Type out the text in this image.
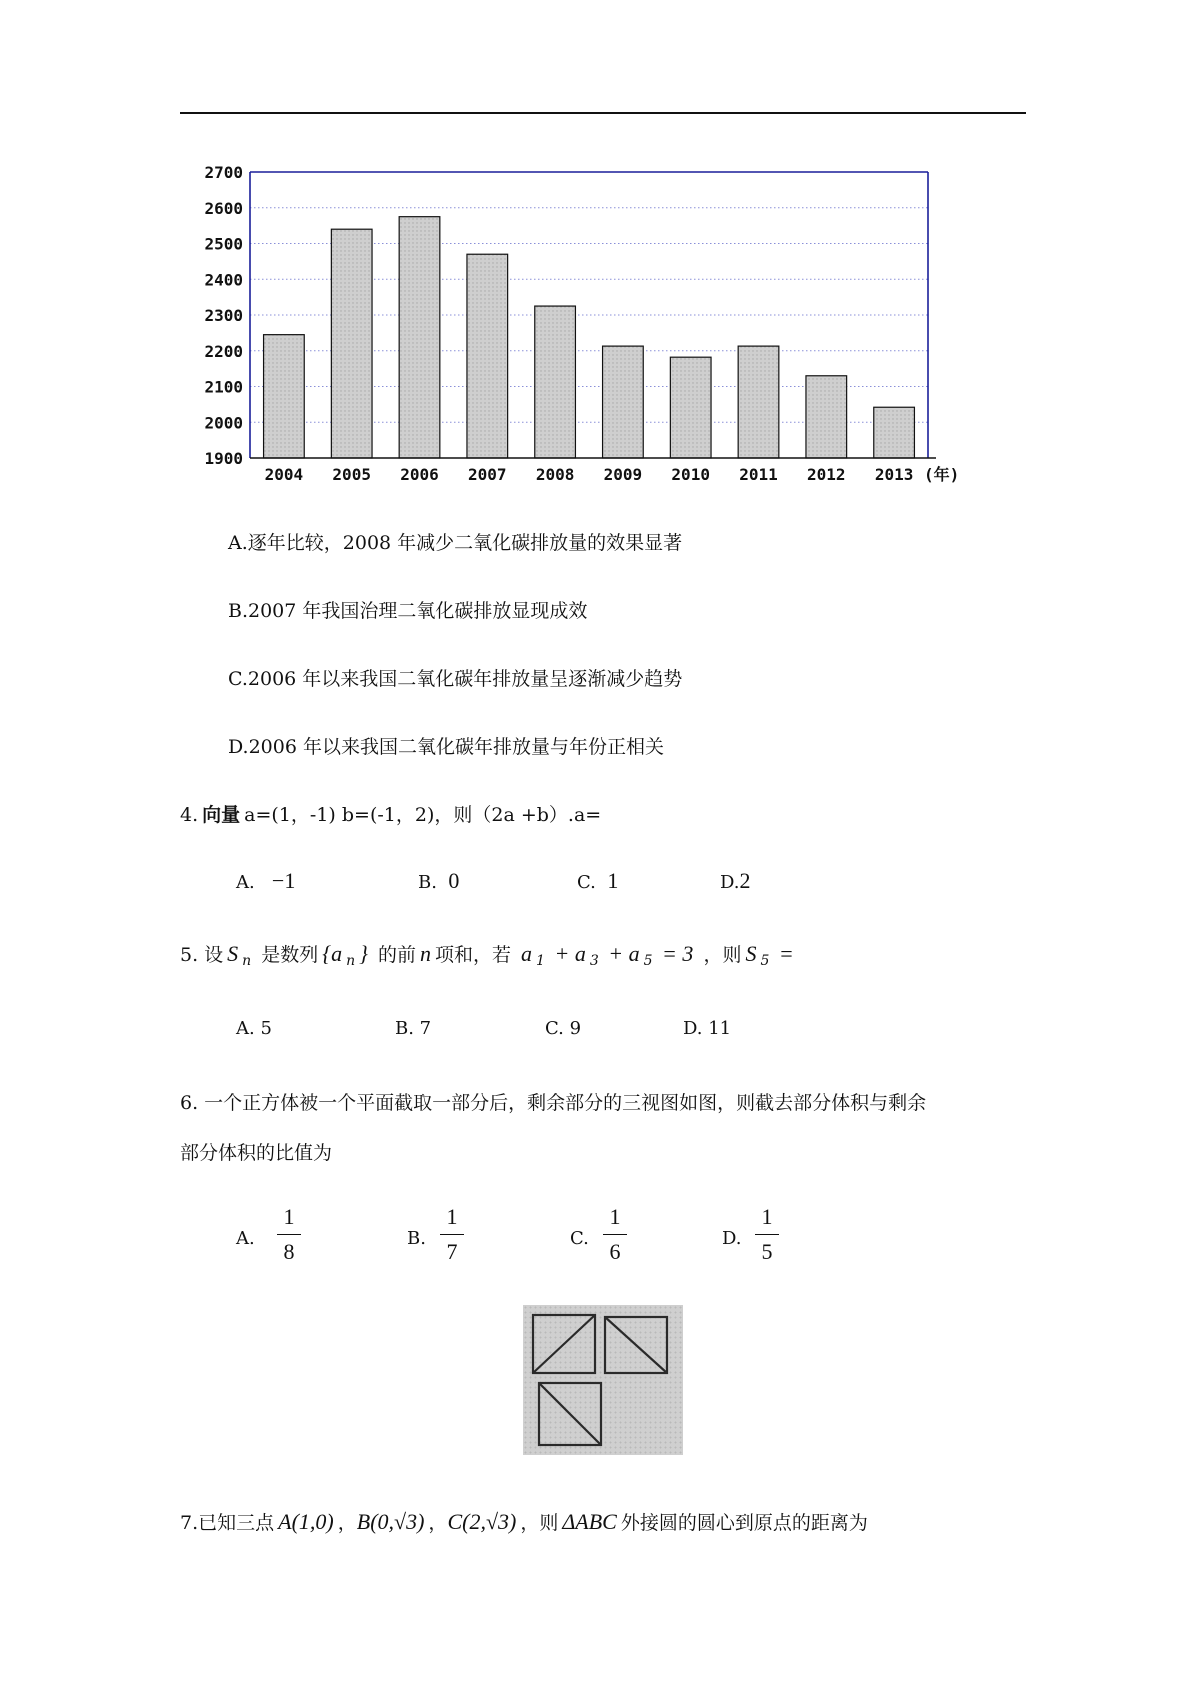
1900
2000
2100
2200
2300
2400
2500
2600
2700
2004 2005 2006 2007 2008 2009 2010 2011 2012 2013 (年)
A.逐年比较，2008 年减少二氧化碳排放量的效果显著
B.2007 年我国治理二氧化碳排放显现成效
C.2006 年以来我国二氧化碳年排放量呈逐渐减少趋势
D.2006 年以来我国二氧化碳年排放量与年份正相关
4. 向量 a=(1，-1) b=(-1，2)，则（2a +b）.a=
A. −1	B. 0	C. 1	D.2
5. 设 S $_n$ 是数列 {a $_n$ } 的前 n 项和，若 a $_1$ + a $_3$ + a $_5$ = 3 ，则 S $_5$ =
A. 5	B. 7	C. 9	D. 11
6. 一个正方体被一个平面截取一部分后，剩余部分的三视图如图，则截去部分体积与剩余
部分体积的比值为
A.
1
8
B.
1
7
C.
1
6
D.
1
5
7.已知三点 A(1,0) ，B(0,√3) ，C(2,√3) ，则 ΔABC 外接圆的圆心到原点的距离为
